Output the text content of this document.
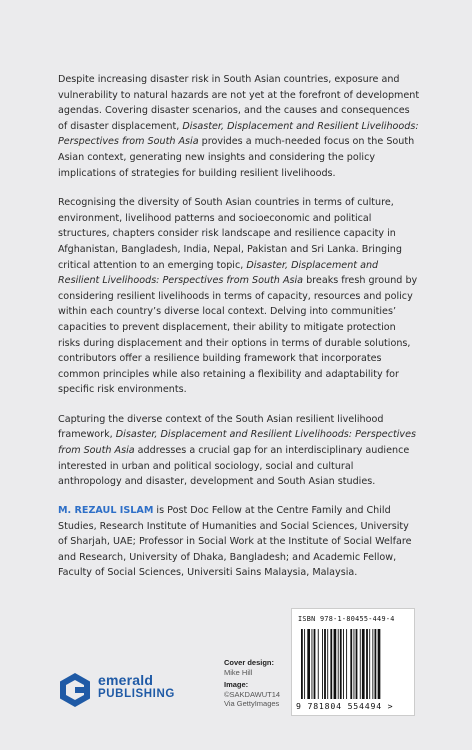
Despite increasing disaster risk in South Asian countries, exposure and vulnerability to natural hazards are not yet at the forefront of development agendas. Covering disaster scenarios, and the causes and consequences of disaster displacement, Disaster, Displacement and Resilient Livelihoods: Perspectives from South Asia provides a much-needed focus on the South Asian context, generating new insights and considering the policy implications of strategies for building resilient livelihoods.

Recognising the diversity of South Asian countries in terms of culture, environment, livelihood patterns and socioeconomic and political structures, chapters consider risk landscape and resilience capacity in Afghanistan, Bangladesh, India, Nepal, Pakistan and Sri Lanka. Bringing critical attention to an emerging topic, Disaster, Displacement and Resilient Livelihoods: Perspectives from South Asia breaks fresh ground by considering resilient livelihoods in terms of capacity, resources and policy within each country’s diverse local context. Delving into communities’ capacities to prevent displacement, their ability to mitigate protection risks during displacement and their options in terms of durable solutions, contributors offer a resilience building framework that incorporates common principles while also retaining a flexibility and adaptability for specific risk environments.

Capturing the diverse context of the South Asian resilient livelihood framework, Disaster, Displacement and Resilient Livelihoods: Perspectives from South Asia addresses a crucial gap for an interdisciplinary audience interested in urban and political sociology, social and cultural anthropology and disaster, development and South Asian studies.

M. REZAUL ISLAM is Post Doc Fellow at the Centre Family and Child Studies, Research Institute of Humanities and Social Sciences, University of Sharjah, UAE; Professor in Social Work at the Institute of Social Welfare and Research, University of Dhaka, Bangladesh; and Academic Fellow, Faculty of Social Sciences, Universiti Sains Malaysia, Malaysia.
emerald
PUBLISHING
Cover design:
Mike Hill
Image:
©SAKDAWUT14
Via GettyImages
ISBN 978-1-80455-449-4
9 781804 554494 >
